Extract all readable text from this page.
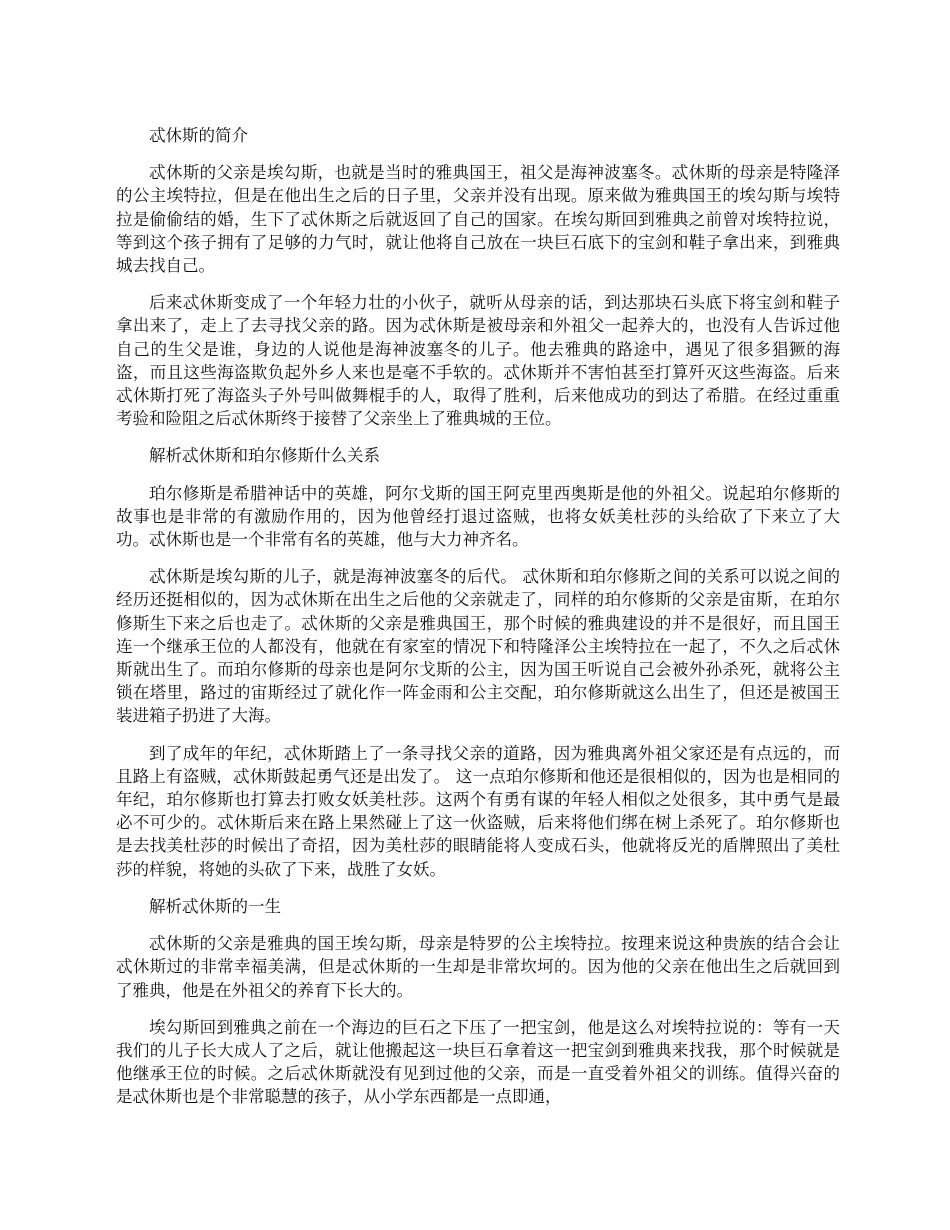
忒休斯的简介

忒休斯的父亲是埃勾斯，也就是当时的雅典国王，祖父是海神波塞冬。忒休斯的母亲是特隆泽的公主埃特拉，但是在他出生之后的日子里，父亲并没有出现。原来做为雅典国王的埃勾斯与埃特拉是偷偷结的婚，生下了忒休斯之后就返回了自己的国家。在埃勾斯回到雅典之前曾对埃特拉说，等到这个孩子拥有了足够的力气时，就让他将自己放在一块巨石底下的宝剑和鞋子拿出来，到雅典城去找自己。

后来忒休斯变成了一个年轻力壮的小伙子，就听从母亲的话，到达那块石头底下将宝剑和鞋子拿出来了，走上了去寻找父亲的路。因为忒休斯是被母亲和外祖父一起养大的，也没有人告诉过他自己的生父是谁，身边的人说他是海神波塞冬的儿子。他去雅典的路途中，遇见了很多猖獗的海盗，而且这些海盗欺负起外乡人来也是毫不手软的。忒休斯并不害怕甚至打算歼灭这些海盗。后来忒休斯打死了海盗头子外号叫做舞棍手的人，取得了胜利，后来他成功的到达了希腊。在经过重重考验和险阻之后忒休斯终于接替了父亲坐上了雅典城的王位。

解析忒休斯和珀尔修斯什么关系

珀尔修斯是希腊神话中的英雄，阿尔戈斯的国王阿克里西奥斯是他的外祖父。说起珀尔修斯的故事也是非常的有激励作用的，因为他曾经打退过盗贼，也将女妖美杜莎的头给砍了下来立了大功。忒休斯也是一个非常有名的英雄，他与大力神齐名。

忒休斯是埃勾斯的儿子，就是海神波塞冬的后代。 忒休斯和珀尔修斯之间的关系可以说之间的经历还挺相似的，因为忒休斯在出生之后他的父亲就走了，同样的珀尔修斯的父亲是宙斯，在珀尔修斯生下来之后也走了。忒休斯的父亲是雅典国王，那个时候的雅典建设的并不是很好，而且国王连一个继承王位的人都没有，他就在有家室的情况下和特隆泽公主埃特拉在一起了，不久之后忒休斯就出生了。而珀尔修斯的母亲也是阿尔戈斯的公主，因为国王听说自己会被外孙杀死，就将公主锁在塔里，路过的宙斯经过了就化作一阵金雨和公主交配，珀尔修斯就这么出生了，但还是被国王装进箱子扔进了大海。

到了成年的年纪，忒休斯踏上了一条寻找父亲的道路，因为雅典离外祖父家还是有点远的，而且路上有盗贼，忒休斯鼓起勇气还是出发了。 这一点珀尔修斯和他还是很相似的，因为也是相同的年纪，珀尔修斯也打算去打败女妖美杜莎。这两个有勇有谋的年轻人相似之处很多，其中勇气是最必不可少的。忒休斯后来在路上果然碰上了这一伙盗贼，后来将他们绑在树上杀死了。珀尔修斯也是去找美杜莎的时候出了奇招，因为美杜莎的眼睛能将人变成石头，他就将反光的盾牌照出了美杜莎的样貌，将她的头砍了下来，战胜了女妖。

解析忒休斯的一生

忒休斯的父亲是雅典的国王埃勾斯，母亲是特罗的公主埃特拉。按理来说这种贵族的结合会让忒休斯过的非常幸福美满，但是忒休斯的一生却是非常坎坷的。因为他的父亲在他出生之后就回到了雅典，他是在外祖父的养育下长大的。

埃勾斯回到雅典之前在一个海边的巨石之下压了一把宝剑，他是这么对埃特拉说的：等有一天我们的儿子长大成人了之后，就让他搬起这一块巨石拿着这一把宝剑到雅典来找我，那个时候就是他继承王位的时候。之后忒休斯就没有见到过他的父亲，而是一直受着外祖父的训练。值得兴奋的是忒休斯也是个非常聪慧的孩子，从小学东西都是一点即通，
